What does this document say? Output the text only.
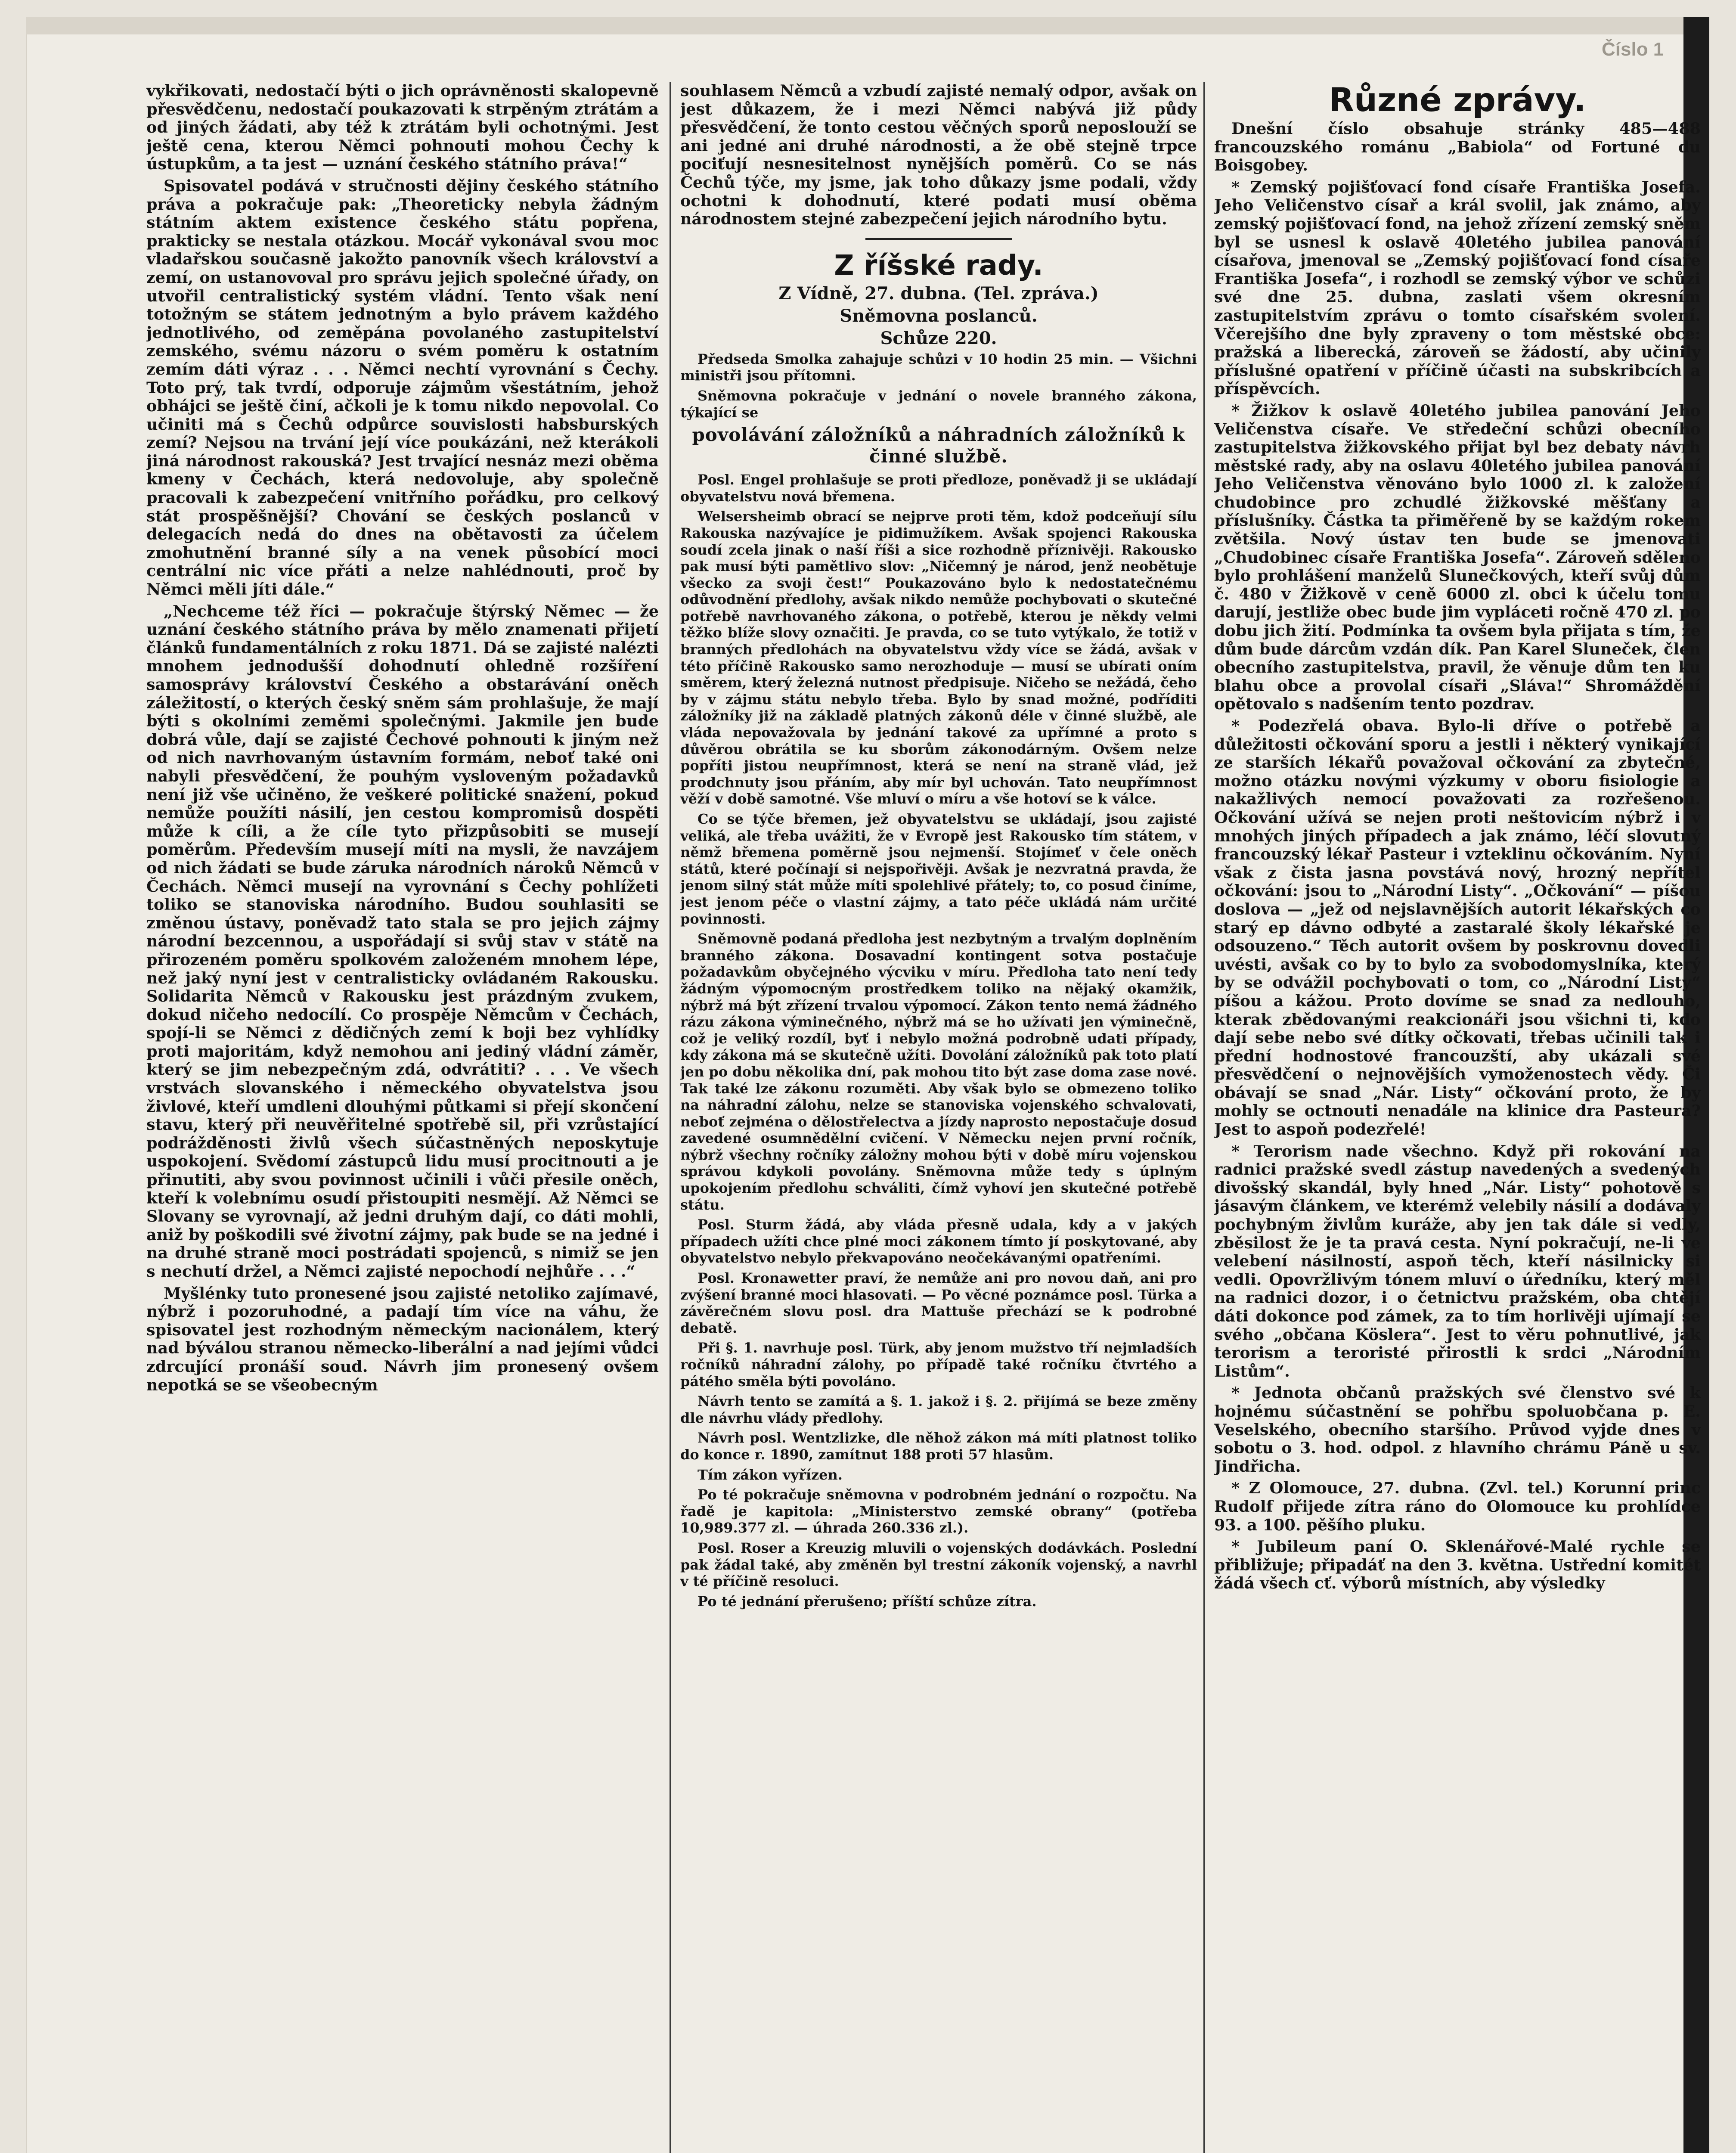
Číslo 1

vykřikovati, nedostačí býti o jich oprávněnosti skalopevně přesvědčenu, nedostačí poukazovati k strpěným ztrátám a od jiných žádati, aby též k ztrátám byli ochotnými. Jest ještě cena, kterou Němci pohnouti mohou Čechy k ústupkům, a ta jest — uznání českého státního práva!“

Spisovatel podává v stručnosti dějiny českého státního práva a pokračuje pak: „Theoreticky nebyla žádným státním aktem existence českého státu popřena, prakticky se nestala otázkou. Mocář vykonával svou moc vladařskou současně jakožto panovník všech království a zemí, on ustanovoval pro správu jejich společné úřady, on utvořil centralistický systém vládní. Tento však není totožným se státem jednotným a bylo právem každého jednotlivého, od zeměpána povolaného zastupitelství zemského, svému názoru o svém poměru k ostatním zemím dáti výraz . . . Němci nechtí vyrovnání s Čechy. Toto prý, tak tvrdí, odporuje zájmům všestátním, jehož obhájci se ještě činí, ačkoli je k tomu nikdo nepovolal. Co učiniti má s Čechů odpůrce souvislosti habsburských zemí? Nejsou na trvání její více poukázáni, než kterákoli jiná národnost rakouská? Jest trvající nesnáz mezi oběma kmeny v Čechách, která nedovoluje, aby společně pracovali k zabezpečení vnitřního pořádku, pro celkový stát prospěšnější? Chování se českých poslanců v delegacích nedá do dnes na obětavosti za účelem zmohutnění branné síly a na venek působící moci centrální nic více přáti a nelze nahlédnouti, proč by Němci měli jíti dále.“

„Nechceme též říci — pokračuje štýrský Němec — že uznání českého státního práva by mělo znamenati přijetí článků fundamentálních z roku 1871. Dá se zajisté nalézti mnohem jednodušší dohodnutí ohledně rozšíření samosprávy království Českého a obstarávání oněch záležitostí, o kterých český sněm sám prohlašuje, že mají býti s okolními zeměmi společnými. Jakmile jen bude dobrá vůle, dají se zajisté Čechové pohnouti k jiným než od nich navrhovaným ústavním formám, neboť také oni nabyli přesvědčení, že pouhým vysloveným požadavků není již vše učiněno, že veškeré politické snažení, pokud nemůže použíti násilí, jen cestou kompromisů dospěti může k cíli, a že cíle tyto přizpůsobiti se musejí poměrům. Především musejí míti na mysli, že navzájem od nich žádati se bude záruka národních nároků Němců v Čechách. Němci musejí na vyrovnání s Čechy pohlížeti toliko se stanoviska národního. Budou souhlasiti se změnou ústavy, poněvadž tato stala se pro jejich zájmy národní bezcennou, a uspořádají si svůj stav v státě na přirozeném poměru spolkovém založeném mnohem lépe, než jaký nyní jest v centralisticky ovládaném Rakousku. Solidarita Němců v Rakousku jest prázdným zvukem, dokud ničeho nedocílí. Co prospěje Němcům v Čechách, spojí-li se Němci z dědičných zemí k boji bez vyhlídky proti majoritám, když nemohou ani jediný vládní záměr, který se jim nebezpečným zdá, odvrátiti? . . . Ve všech vrstvách slovanského i německého obyvatelstva jsou živlové, kteří umdleni dlouhými půtkami si přejí skončení stavu, který při neuvěřitelné spotřebě sil, při vzrůstající podrážděnosti živlů všech súčastněných neposkytuje uspokojení. Svědomí zástupců lidu musí procitnouti a je přinutiti, aby svou povinnost učinili i vůči přesile oněch, kteří k volebnímu osudí přistoupiti nesmějí. Až Němci se Slovany se vyrovnají, až jedni druhým dají, co dáti mohli, aniž by poškodili své životní zájmy, pak bude se na jedné i na druhé straně moci postrádati spojenců, s nimiž se jen s nechutí držel, a Němci zajisté nepochodí nejhůře . . .“

Myšlénky tuto pronesené jsou zajisté netoliko zajímavé, nýbrž i pozoruhodné, a padají tím více na váhu, že spisovatel jest rozhodným německým nacionálem, který nad býválou stranou německo-liberální a nad jejími vůdci zdrcující pronáší soud. Návrh jim pronesený ovšem nepotká se se všeobecným

souhlasem Němců a vzbudí zajisté nemalý odpor, avšak on jest důkazem, že i mezi Němci nabývá již půdy přesvědčení, že tonto cestou věčných sporů neposlouží se ani jedné ani druhé národnosti, a že obě stejně trpce pociťují nesnesitelnost nynějších poměrů. Co se nás Čechů týče, my jsme, jak toho důkazy jsme podali, vždy ochotni k dohodnutí, které podati musí oběma národnostem stejné zabezpečení jejich národního bytu.

Z říšské rady.
Z Vídně, 27. dubna. (Tel. zpráva.)
Sněmovna poslanců.
Schůze 220.

Předseda Smolka zahajuje schůzi v 10 hodin 25 min. — Všichni ministři jsou přítomni.

Sněmovna pokračuje v jednání o novele branného zákona, týkající se

povolávání záložníků a náhradních záložníků k činné službě.

Posl. Engel prohlašuje se proti předloze, poněvadž ji se ukládají obyvatelstvu nová břemena.

Welsersheimb obrací se nejprve proti těm, kdož podceňují sílu Rakouska nazývajíce je pidimužíkem. Avšak spojenci Rakouska soudí zcela jinak o naší říši a sice rozhodně příznivěji. Rakousko pak musí býti pamětlivo slov: „Ničemný je národ, jenž neobětuje všecko za svoji čest!“ Poukazováno bylo k nedostatečnému odůvodnění předlohy, avšak nikdo nemůže pochybovati o skutečné potřebě navrhovaného zákona, o potřebě, kterou je někdy velmi těžko blíže slovy označiti. Je pravda, co se tuto vytýkalo, že totiž v branných předlohách na obyvatelstvu vždy více se žádá, avšak v této příčině Rakousko samo nerozhoduje — musí se ubírati oním směrem, který železná nutnost předpisuje. Ničeho se nežádá, čeho by v zájmu státu nebylo třeba. Bylo by snad možné, podříditi záložníky již na základě platných zákonů déle v činné službě, ale vláda nepovažovala by jednání takové za upřímné a proto s důvěrou obrátila se ku sborům zákonodárným. Ovšem nelze popříti jistou neupřímnost, která se není na straně vlád, jež prodchnuty jsou přáním, aby mír byl uchován. Tato neupřímnost věží v době samotné. Vše mluví o míru a vše hotoví se k válce.

Co se týče břemen, jež obyvatelstvu se ukládají, jsou zajisté veliká, ale třeba uvážiti, že v Evropě jest Rakousko tím státem, v němž břemena poměrně jsou nejmenší. Stojímeť v čele oněch států, které počínají si nejspořivěji. Avšak je nezvratná pravda, že jenom silný stát může míti spolehlivé přátely; to, co posud činíme, jest jenom péče o vlastní zájmy, a tato péče ukládá nám určité povinnosti.

Sněmovně podaná předloha jest nezbytným a trvalým doplněním branného zákona. Dosavadní kontingent sotva postačuje požadavkům obyčejného výcviku v míru. Předloha tato není tedy žádným výpomocným prostředkem toliko na nějaký okamžik, nýbrž má být zřízení trvalou výpomocí. Zákon tento nemá žádného rázu zákona výminečného, nýbrž má se ho užívati jen výminečně, což je veliký rozdíl, byť i nebylo možná podrobně udati případy, kdy zákona má se skutečně užíti. Dovolání záložníků pak toto platí jen po dobu několika dní, pak mohou tito být zase doma zase nové. Tak také lze zákonu rozuměti. Aby však bylo se obmezeno toliko na náhradní zálohu, nelze se stanoviska vojenského schvalovati, neboť zejména o dělostřelectva a jízdy naprosto nepostačuje dosud zavedené osumnědělní cvičení. V Německu nejen první ročník, nýbrž všechny ročníky záložny mohou býti v době míru vojenskou správou kdykoli povolány. Sněmovna může tedy s úplným upokojením předlohu schváliti, čímž vyhoví jen skutečné potřebě státu.

Posl. Sturm žádá, aby vláda přesně udala, kdy a v jakých případech užíti chce plné moci zákonem tímto jí poskytované, aby obyvatelstvo nebylo překvapováno neočekávanými opatřeními.

Posl. Kronawetter praví, že nemůže ani pro novou daň, ani pro zvýšení branné moci hlasovati. — Po věcné poznámce posl. Türka a závěrečném slovu posl. dra Mattuše přechází se k podrobné debatě.

Při §. 1. navrhuje posl. Türk, aby jenom mužstvo tří nejmladších ročníků náhradní zálohy, po případě také ročníku čtvrtého a pátého směla býti povoláno.

Návrh tento se zamítá a §. 1. jakož i §. 2. přijímá se beze změny dle návrhu vlády předlohy.

Návrh posl. Wentzlizke, dle něhož zákon má míti platnost toliko do konce r. 1890, zamítnut 188 proti 57 hlasům.

Tím zákon vyřízen.

Po té pokračuje sněmovna v podrobném jednání o rozpočtu. Na řadě je kapitola: „Ministerstvo zemské obrany“ (potřeba 10,989.377 zl. — úhrada 260.336 zl.).

Posl. Roser a Kreuzig mluvili o vojenských dodávkách. Poslední pak žádal také, aby změněn byl trestní zákoník vojenský, a navrhl v té příčině resoluci.

Po té jednání přerušeno; příští schůze zítra.

Různé zprávy.

Dnešní číslo obsahuje stránky 485—488 francouzského románu „Babiola“ od Fortuné du Boisgobey.

* Zemský pojišťovací fond císaře Františka Josefa. Jeho Veličenstvo císař a král svolil, jak známo, aby zemský pojišťovací fond, na jehož zřízení zemský sněm byl se usnesl k oslavě 40letého jubilea panování císařova, jmenoval se „Zemský pojišťovací fond císaře Františka Josefa“, i rozhodl se zemský výbor ve schůzi své dne 25. dubna, zaslati všem okresním zastupitelstvím zprávu o tomto císařském svolení. Včerejšího dne byly zpraveny o tom městské obce: pražská a liberecká, zároveň se žádostí, aby učinily příslušné opatření v příčině účasti na subskribcích a příspěvcích.

* Žižkov k oslavě 40letého jubilea panování Jeho Veličenstva císaře. Ve středeční schůzi obecního zastupitelstva žižkovského přijat byl bez debaty návrh městské rady, aby na oslavu 40letého jubilea panování Jeho Veličenstva věnováno bylo 1000 zl. k založení chudobince pro zchudlé žižkovské měšťany a příslušníky. Částka ta přiměřeně by se každým rokem zvětšila. Nový ústav ten bude se jmenovati „Chudobinec císaře Františka Josefa“. Zároveň sděleno bylo prohlášení manželů Slunečkových, kteří svůj dům č. 480 v Žižkově v ceně 6000 zl. obci k účelu tomu darují, jestliže obec bude jim vypláceti ročně 470 zl. po dobu jich žití. Podmínka ta ovšem byla přijata s tím, že dům bude dárcům vzdán dík. Pan Karel Sluneček, člen obecního zastupitelstva, pravil, že věnuje dům ten ku blahu obce a provolal císaři „Sláva!“ Shromáždění opětovalo s nadšením tento pozdrav.

* Podezřelá obava. Bylo-li dříve o potřebě a důležitosti očkování sporu a jestli i některý vynikající ze starších lékařů považoval očkování za zbytečné, možno otázku novými výzkumy v oboru fisiologie a nakažlivých nemocí považovati za rozřešenou. Očkování užívá se nejen proti neštovicím nýbrž i v mnohých jiných případech a jak známo, léčí slovutný francouzský lékař Pasteur i vzteklinu očkováním. Nyní však z čista jasna povstává nový, hrozný nepřítel očkování: jsou to „Národní Listy“. „Očkování“ — píšou doslova — „jež od nejslavnějších autorit lékařských co starý ep dávno odbyté a zastaralé školy lékařské je odsouzeno.“ Těch autorit ovšem by poskrovnu dovedli uvésti, avšak co by to bylo za svobodomyslníka, který by se odvážil pochybovati o tom, co „Národní Listy“ píšou a kážou. Proto dovíme se snad za nedlouho, kterak zbědovanými reakcionáři jsou všichni ti, kdo dají sebe nebo své dítky očkovati, třebas učinili tak i přední hodnostové francouzští, aby ukázali své přesvědčení o nejnovějších vymoženostech vědy. Či obávají se snad „Nár. Listy“ očkování proto, že by mohly se octnouti nenadále na klinice dra Pasteura? Jest to aspoň podezřelé!

* Terorism nade všechno. Když při rokování na radnici pražské svedl zástup navedených a svedených divošský skandál, byly hned „Nár. Listy“ pohotově s jásavým článkem, ve kterémž velebily násilí a dodávaly pochybným živlům kuráže, aby jen tak dále si vedly, zběsilost že je ta pravá cesta. Nyní pokračují, ne-li ve velebení násilností, aspoň těch, kteří násilnicky si vedli. Opovržlivým tónem mluví o úředníku, který měl na radnici dozor, i o četnictvu pražském, oba chtějí dáti dokonce pod zámek, za to tím horlivěji ujímají se svého „občana Köslera“. Jest to věru pohnutlivé, jak terorism a teroristé přirostli k srdci „Národním Listům“.

* Jednota občanů pražských své členstvo své k hojnému súčastnění se pohřbu spoluobčana p. E. Veselského, obecního staršího. Průvod vyjde dnes v sobotu o 3. hod. odpol. z hlavního chrámu Páně u sv. Jindřicha.

* Z Olomouce, 27. dubna. (Zvl. tel.) Korunní princ Rudolf přijede zítra ráno do Olomouce ku prohlídce 93. a 100. pěšího pluku.

* Jubileum paní O. Sklenářové-Malé rychle se přibližuje; připadáť na den 3. května. Ustřední komitét žádá všech cť. výborů místních, aby výsledky
